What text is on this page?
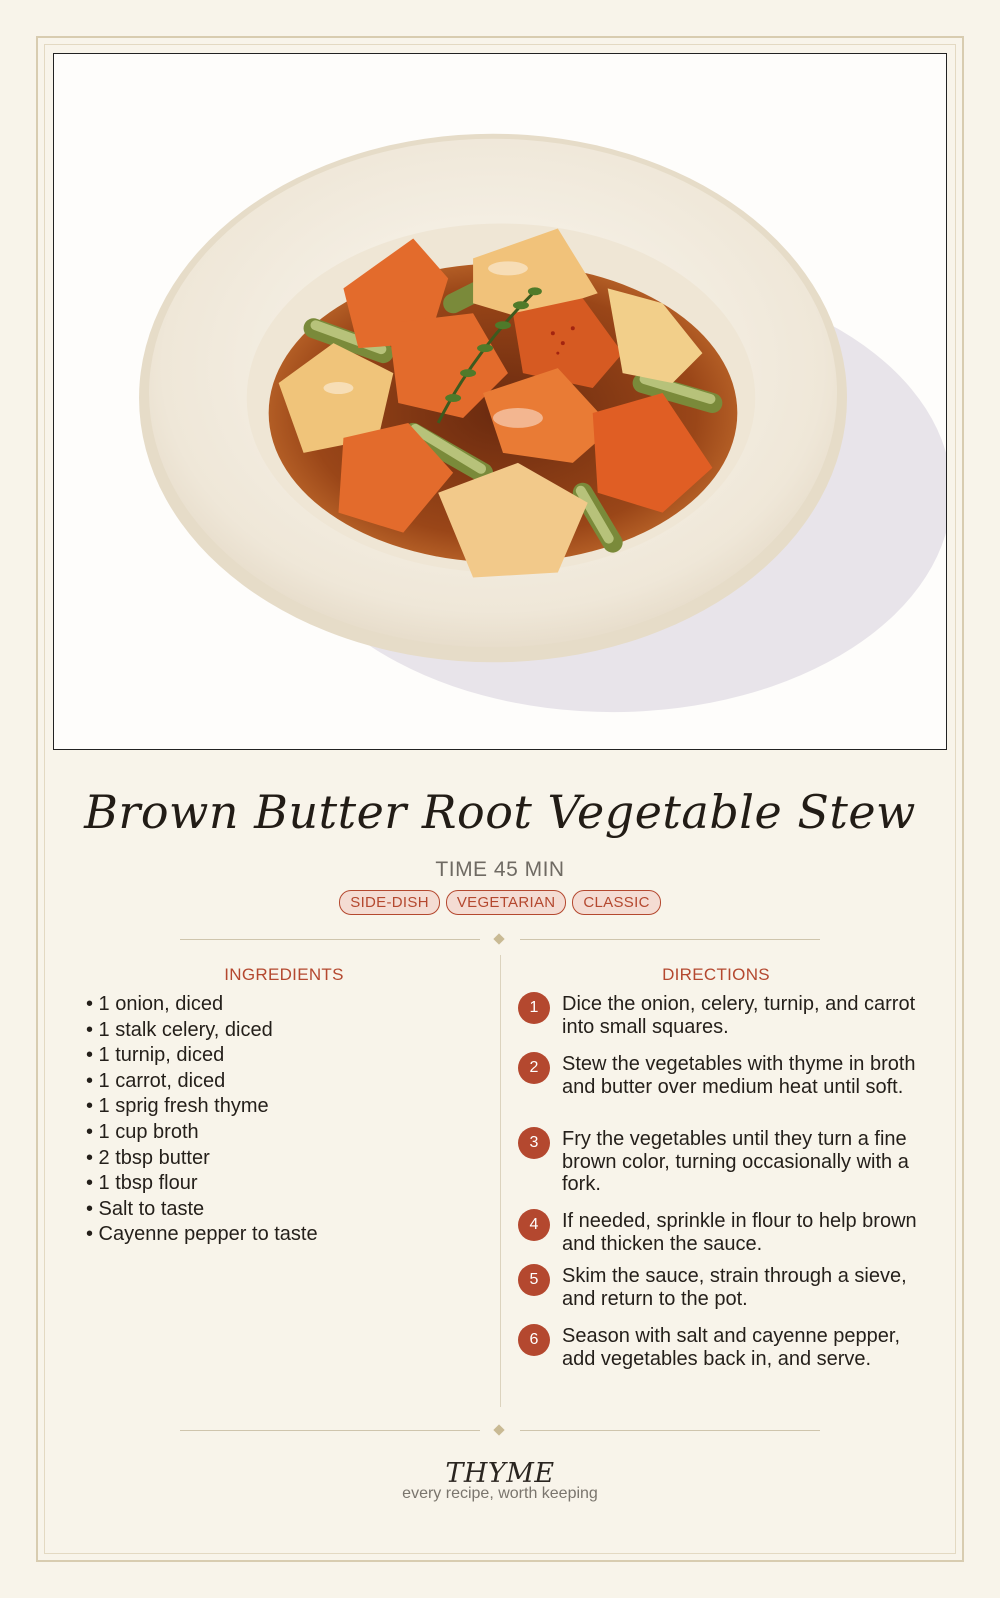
Brown Butter Root Vegetable Stew
TIME 45 MIN
SIDE-DISH VEGETARIAN CLASSIC
INGREDIENTS	DIRECTIONS
• 1 onion, diced
• 1 stalk celery, diced
• 1 turnip, diced
• 1 carrot, diced
• 1 sprig fresh thyme
• 1 cup broth
• 2 tbsp butter
• 1 tbsp flour
• Salt to taste
• Cayenne pepper to taste
1	Dice the onion, celery, turnip, and carrot into small squares.
2	Stew the vegetables with thyme in broth and butter over medium heat until soft.
3	Fry the vegetables until they turn a fine brown color, turning occasionally with a fork.
4	If needed, sprinkle in flour to help brown and thicken the sauce.
5	Skim the sauce, strain through a sieve, and return to the pot.
6	Season with salt and cayenne pepper, add vegetables back in, and serve.
THYME
every recipe, worth keeping
